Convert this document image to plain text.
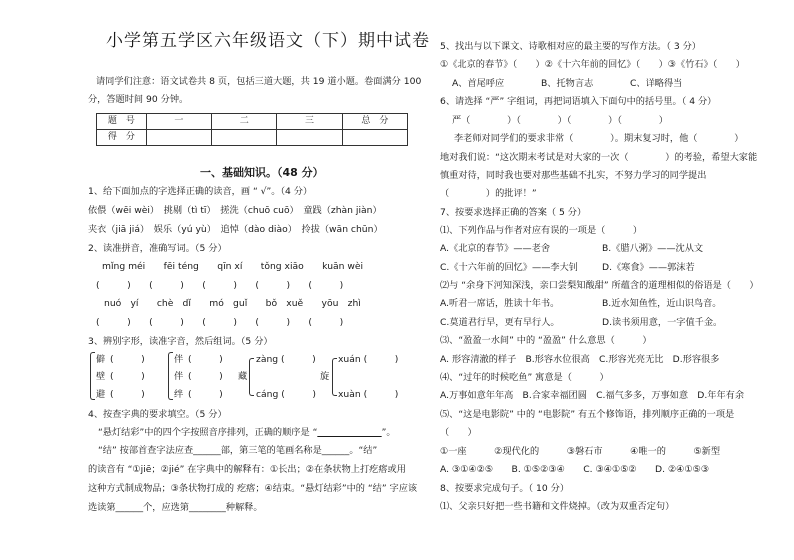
小学第五学区六年级语文（下）期中试卷
请同学们注意：语文试卷共 8 页，包括三道大题，共 19 道小题。卷面满分 100
分，答题时间 90 分钟。
题　号	一	二	三	总　分
得　分				
一、基础知识。（48 分）
1、给下面加点的字选择正确的读音，画 “ √”。（4 分）
依偎（wēi wèi）　挑剔（tì tī）　搓洗（chuō cuō）　童践（zhàn jiàn）
夹衣（jiā jiá）　娱乐（yú yù）　追悼（dào diào）　拎拔（wān chūn）
2、读准拼音，准确写词。（5 分）
mǐng méi　　fēi téng　　qīn xí　　tǒng xiāo　　kuān wèi
(　　　)　　(　　　)　　(　　　)　　(　　　)　　(　　　)
nuó　yí　　chè　dǐ　　mó　guǐ　　bǒ　xuě　　yōu　zhì
(　　　)　　(　　　)　　(　　　)　　(　　　)　　(　　　)
3、辨别字形，读准字音，然后组词。（5 分）
僻 (　　　)
壁 (　　　)
避 (　　　)
伴 (　　　)
伴 (　　　)
绊 (　　　)
藏
zàng (　　　)
cáng (　　　)
旋
xuán (　　　)
xuàn (　　　)
4、按查字典的要求填空。（5 分）
“悬灯结彩”中的四个字按照音序排列，正确的顺序是 “　　　　　　　	”。
“结” 按部首查字法应查______部，第三笔的笔画名称是______。“结”
的读音有 “①jiē；②jié” 在字典中的解释有：①长出；②在条状物上打疙瘩或用
这种方式制成物品；③条状物打成的 疙瘩；④结束。“悬灯结彩”中的 “结” 字应该
选读第______个，应选第________种解释。
5、找出与以下课文、诗歌相对应的最主要的写作方法。（ 3 分）
①《北京的春节》（　　）②《十六年前的回忆》（　　）③《竹石》（　　）
A、首尾呼应　　　　B、托物言志　　　　C、详略得当
6、请选择 “严” 字组词，再把词语填入下面句中的括号里。（ 4 分）
严（　　　　）（　　　　）（　　　　）（　　　　）
李老师对同学们的要求非常（　　　　）。期末复习时，他（　　　　）
地对我们说：“这次期末考试是对大家的一次（　　　　）的考验，希望大家能
慎重对待，同时我也要对那些基础不扎实，不努力学习的同学提出
（　　　　）的批评！”
7、按要求选择正确的答案（ 5 分）
⑴、下列作品与作者对应有误的一项是（　　　）
A.《北京的春节》——老舍	B.《腊八粥》——沈从文
C.《十六年前的回忆》——李大钊	D.《寒食》——郭沫若
⑵与 “余身下河知深浅，亲口尝梨知酸甜” 所蕴含的道理相似的俗语是（　　）
A.听君一席话，胜读十年书。	B.近水知鱼性，近山识鸟音。
C.莫道君行早，更有早行人。	D.读书须用意，一字值千金。
⑶、“盈盈一水间” 中的 “盈盈” 什么意思（　　　）
A. 形容清澈的样子　B.形容水位很高　C.形容光亮无比　D.形容很多
⑷、“过年的时候吃鱼” 寓意是（　　　）
A.万事如意年年高　B.合家幸福团圆　C.福气多多，万事如意　D.年年有余
⑸、“这是电影院” 中的 “电影院” 有五个修饰语，排列顺序正确的一项是
（　　）
①一座　　　②现代化的　　　③磐石市　　　④唯一的　　　⑤新型
A. ③①④②⑤　　B. ①⑤②③④　　C. ③④①⑤②　　D. ②④①⑤③
8、按要求完成句子。（ 10 分）
⑴、父亲只好把一些书籍和文件烧掉。（改为双重否定句）
